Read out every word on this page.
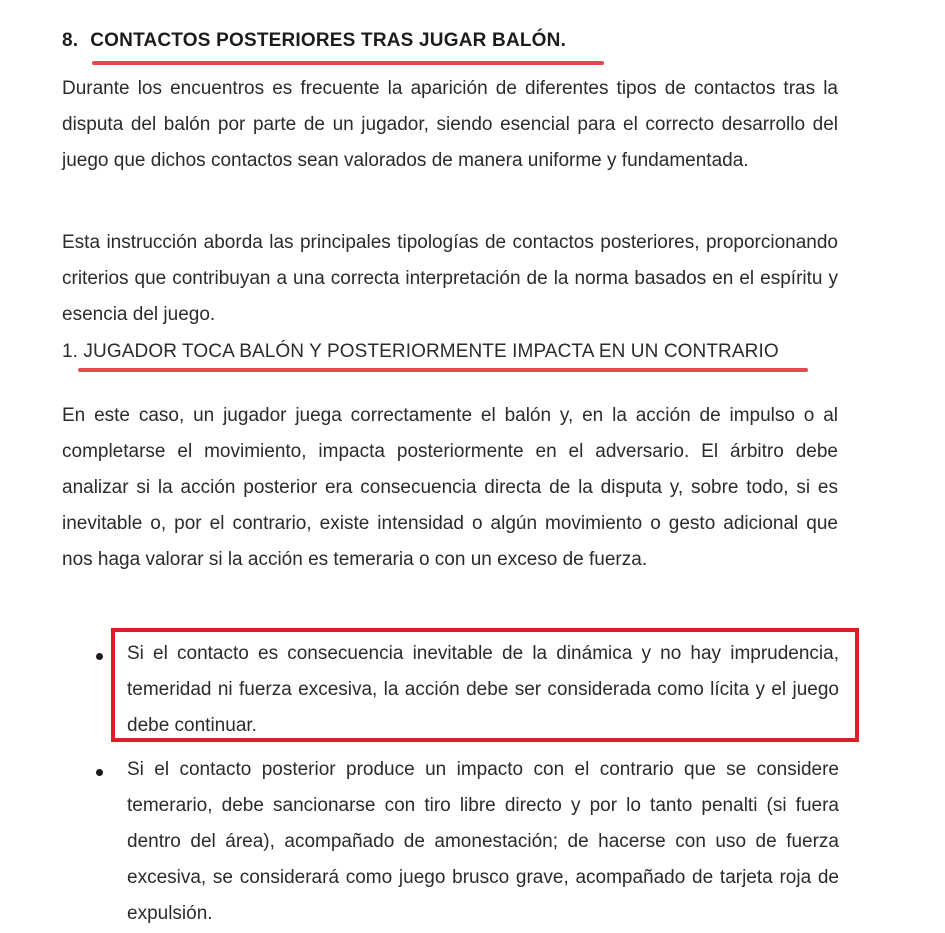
8. CONTACTOS POSTERIORES TRAS JUGAR BALÓN.

Durante los encuentros es frecuente la aparición de diferentes tipos de contactos tras la disputa del balón por parte de un jugador, siendo esencial para el correcto desarrollo del juego que dichos contactos sean valorados de manera uniforme y fundamentada.

Esta instrucción aborda las principales tipologías de contactos posteriores, proporcionando criterios que contribuyan a una correcta interpretación de la norma basados en el espíritu y esencia del juego.

1. JUGADOR TOCA BALÓN Y POSTERIORMENTE IMPACTA EN UN CONTRARIO

En este caso, un jugador juega correctamente el balón y, en la acción de impulso o al completarse el movimiento, impacta posteriormente en el adversario. El árbitro debe analizar si la acción posterior era consecuencia directa de la disputa y, sobre todo, si es inevitable o, por el contrario, existe intensidad o algún movimiento o gesto adicional que nos haga valorar si la acción es temeraria o con un exceso de fuerza.

Si el contacto es consecuencia inevitable de la dinámica y no hay imprudencia, temeridad ni fuerza excesiva, la acción debe ser considerada como lícita y el juego debe continuar.

Si el contacto posterior produce un impacto con el contrario que se considere temerario, debe sancionarse con tiro libre directo y por lo tanto penalti (si fuera dentro del área), acompañado de amonestación; de hacerse con uso de fuerza excesiva, se considerará como juego brusco grave, acompañado de tarjeta roja de expulsión.
